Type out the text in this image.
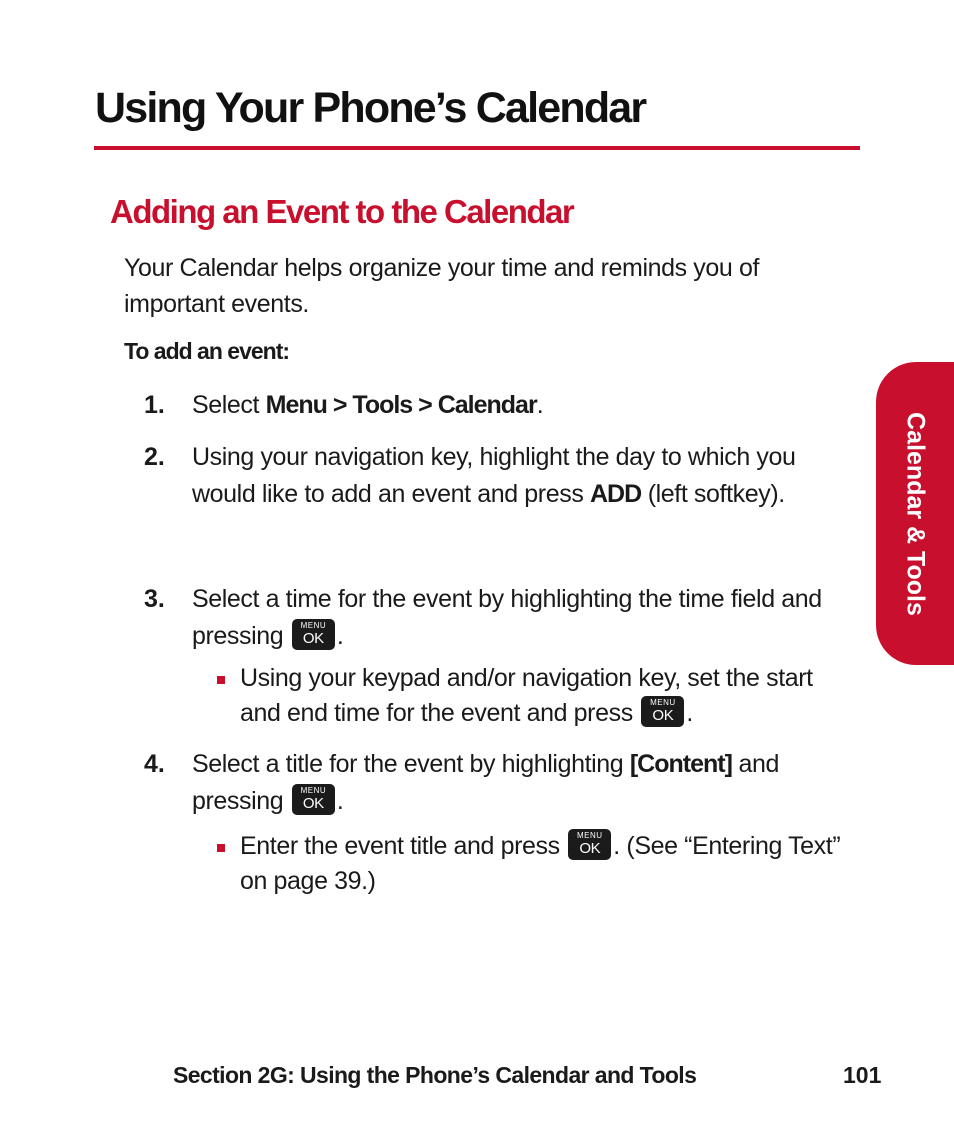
Using Your Phone’s Calendar
Adding an Event to the Calendar

Your Calendar helps organize your time and reminds you of important events.

To add an event:

1. Select Menu > Tools > Calendar.

2. Using your navigation key, highlight the day to which you would like to add an event and press ADD (left softkey).

3. Select a time for the event by highlighting the time field and pressing	MENU
OK .

Using your keypad and/or navigation key, set the start and end time for the event and press	MENU
OK .

4. Select a title for the event by highlighting [Content] and pressing	MENU
OK .

Enter the event title and press	MENU
OK . (See “Entering Text” on page 39.)

Calendar & Tools
Section 2G: Using the Phone’s Calendar and Tools	101
